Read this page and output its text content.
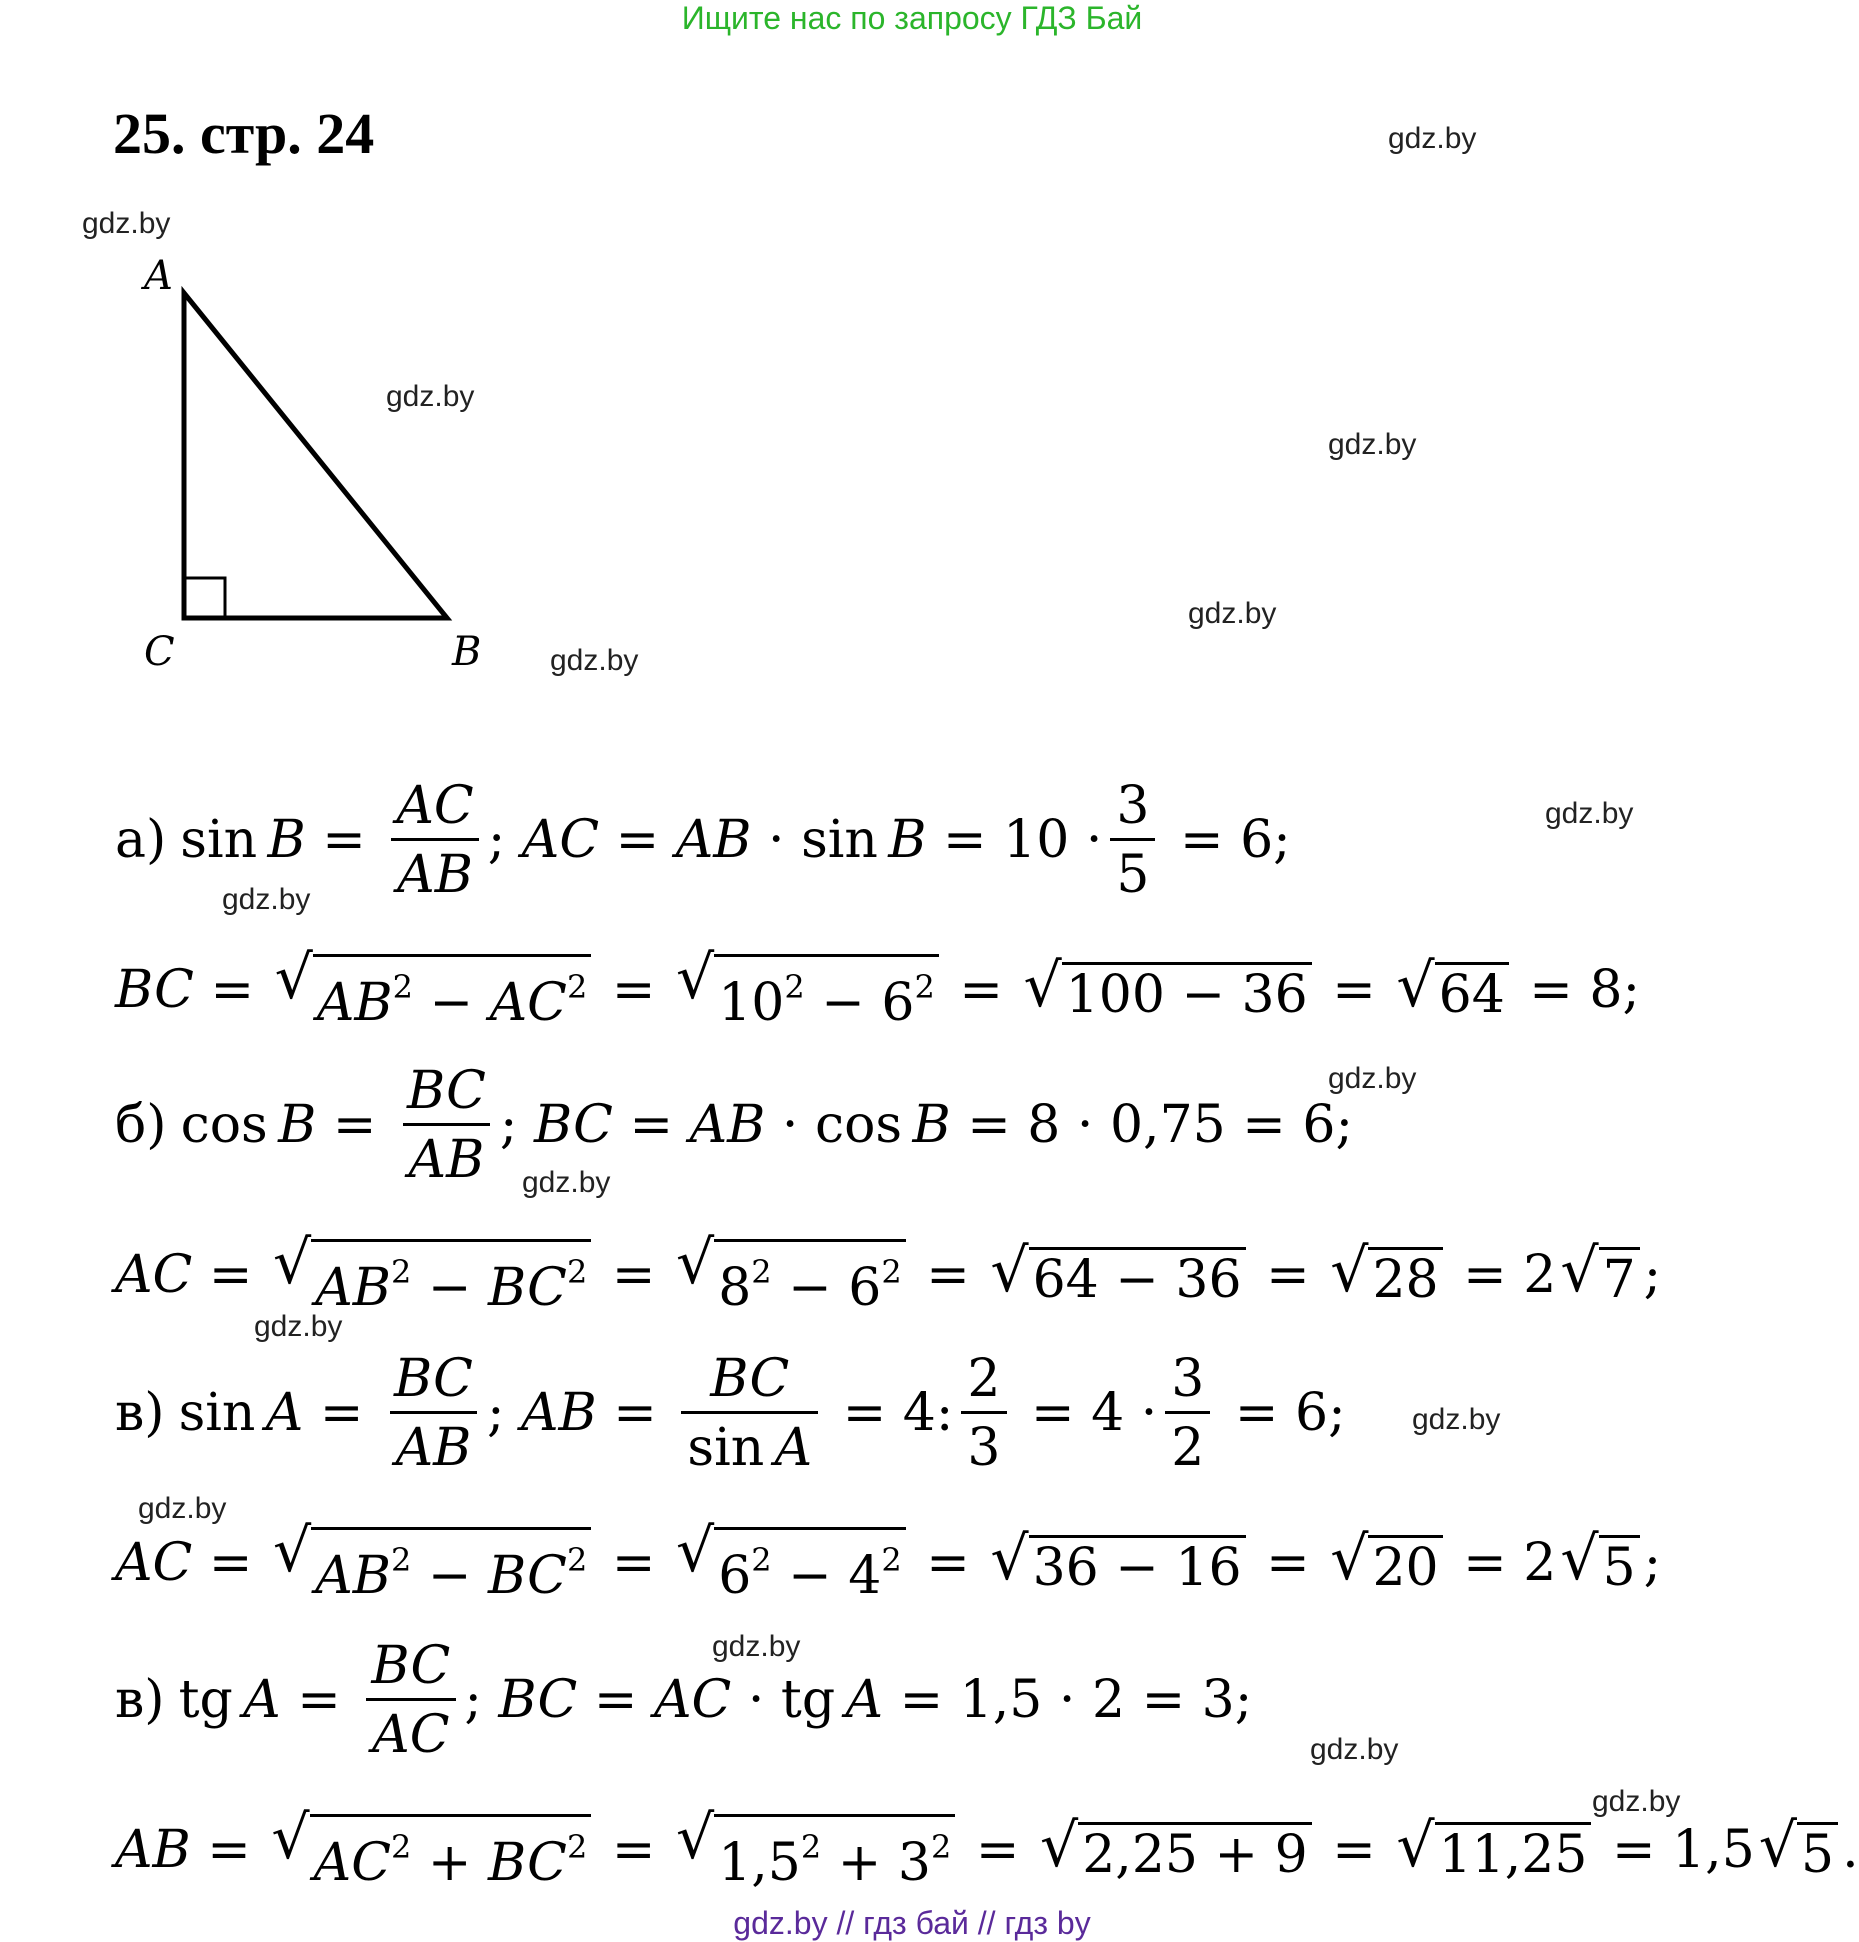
Ищите нас по запросу ГДЗ Бай
25. стр. 24	gdz.by
gdz.by
gdz.by
gdz.by
gdz.by
gdz.by
gdz.by
gdz.by
gdz.by
gdz.by
gdz.by
gdz.by
gdz.by
gdz.by
gdz.by
gdz.by
A
C	B
а) $\sin B = \frac{AC}{AB}$ ; AC = AB · $\sin B = 10 \cdot \frac{3}{5} = 6$;
BC = √ $AB^2 - AC^2$ = √ $10^2 - 6^2$ = √ 100 − 36 = √ 64 = 8;
б) $\cos B = \frac{BC}{AB}$ ; BC = AB · cos  B = 8 · 0,75 = 6;
AC = √ $AB^2 - BC^2$ = √ $8^2 - 6^2$ = √ 64 − 36 = √ 28 = 2 √ 7 ;
в) $\sin A = \frac{BC}{AB}$ ; AB = $\frac{BC}{\text{sin A}} = 4$: $\frac{2}{3} = 4 \cdot \frac{3}{2} = 6$;
AC = √ $AB^2 - BC^2$ = √ $6^2 - 4^2$ = √ 36 − 16 = √ 20 = 2 √ 5 ;
в) tg  $A = \frac{BC}{AC}$ ; BC = AC · tg  A = 1,5 · 2 = 3;
AB = √ $AC^2 + BC^2$ = √ $1,5^2 + 3^2$ = √ 2,25 + 9 = √ 11,25 = 1,5 √ 5 .
gdz.by // гдз бай // гдз by
